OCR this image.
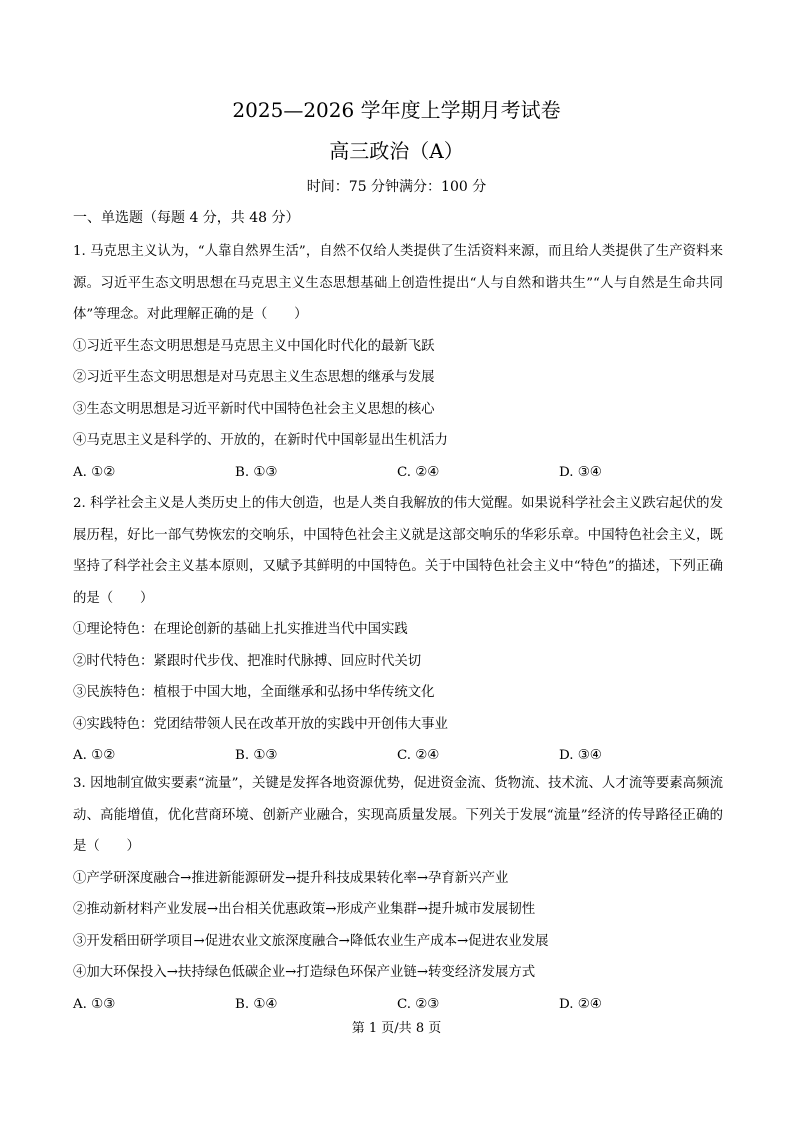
2025—2026 学年度上学期月考试卷
高三政治（A）
时间：75 分钟满分：100 分
一、单选题（每题 4 分，共 48 分）

1. 马克思主义认为，“人靠自然界生活”，自然不仅给人类提供了生活资料来源，而且给人类提供了生产资料来源。习近平生态文明思想在马克思主义生态思想基础上创造性提出“人与自然和谐共生”“人与自然是生命共同体”等理念。对此理解正确的是（　　）

①习近平生态文明思想是马克思主义中国化时代化的最新飞跃

②习近平生态文明思想是对马克思主义生态思想的继承与发展

③生态文明思想是习近平新时代中国特色社会主义思想的核心

④马克思主义是科学的、开放的，在新时代中国彰显出生机活力

A. ①②	B. ①③	C. ②④	D. ③④

2. 科学社会主义是人类历史上的伟大创造，也是人类自我解放的伟大觉醒。如果说科学社会主义跌宕起伏的发展历程，好比一部气势恢宏的交响乐，中国特色社会主义就是这部交响乐的华彩乐章。中国特色社会主义，既坚持了科学社会主义基本原则，又赋予其鲜明的中国特色。关于中国特色社会主义中“特色”的描述，下列正确的是（　　）

①理论特色：在理论创新的基础上扎实推进当代中国实践

②时代特色：紧跟时代步伐、把准时代脉搏、回应时代关切

③民族特色：植根于中国大地，全面继承和弘扬中华传统文化

④实践特色：党团结带领人民在改革开放的实践中开创伟大事业

A. ①②	B. ①③	C. ②④	D. ③④

3. 因地制宜做实要素“流量”，关键是发挥各地资源优势，促进资金流、货物流、技术流、人才流等要素高频流动、高能增值，优化营商环境、创新产业融合，实现高质量发展。下列关于发展“流量”经济的传导路径正确的是（　　）

①产学研深度融合→推进新能源研发→提升科技成果转化率→孕育新兴产业

②推动新材料产业发展→出台相关优惠政策→形成产业集群→提升城市发展韧性

③开发稻田研学项目→促进农业文旅深度融合→降低农业生产成本→促进农业发展

④加大环保投入→扶持绿色低碳企业→打造绿色环保产业链→转变经济发展方式

A. ①③	B. ①④	C. ②③	D. ②④
第 1 页/共 8 页
